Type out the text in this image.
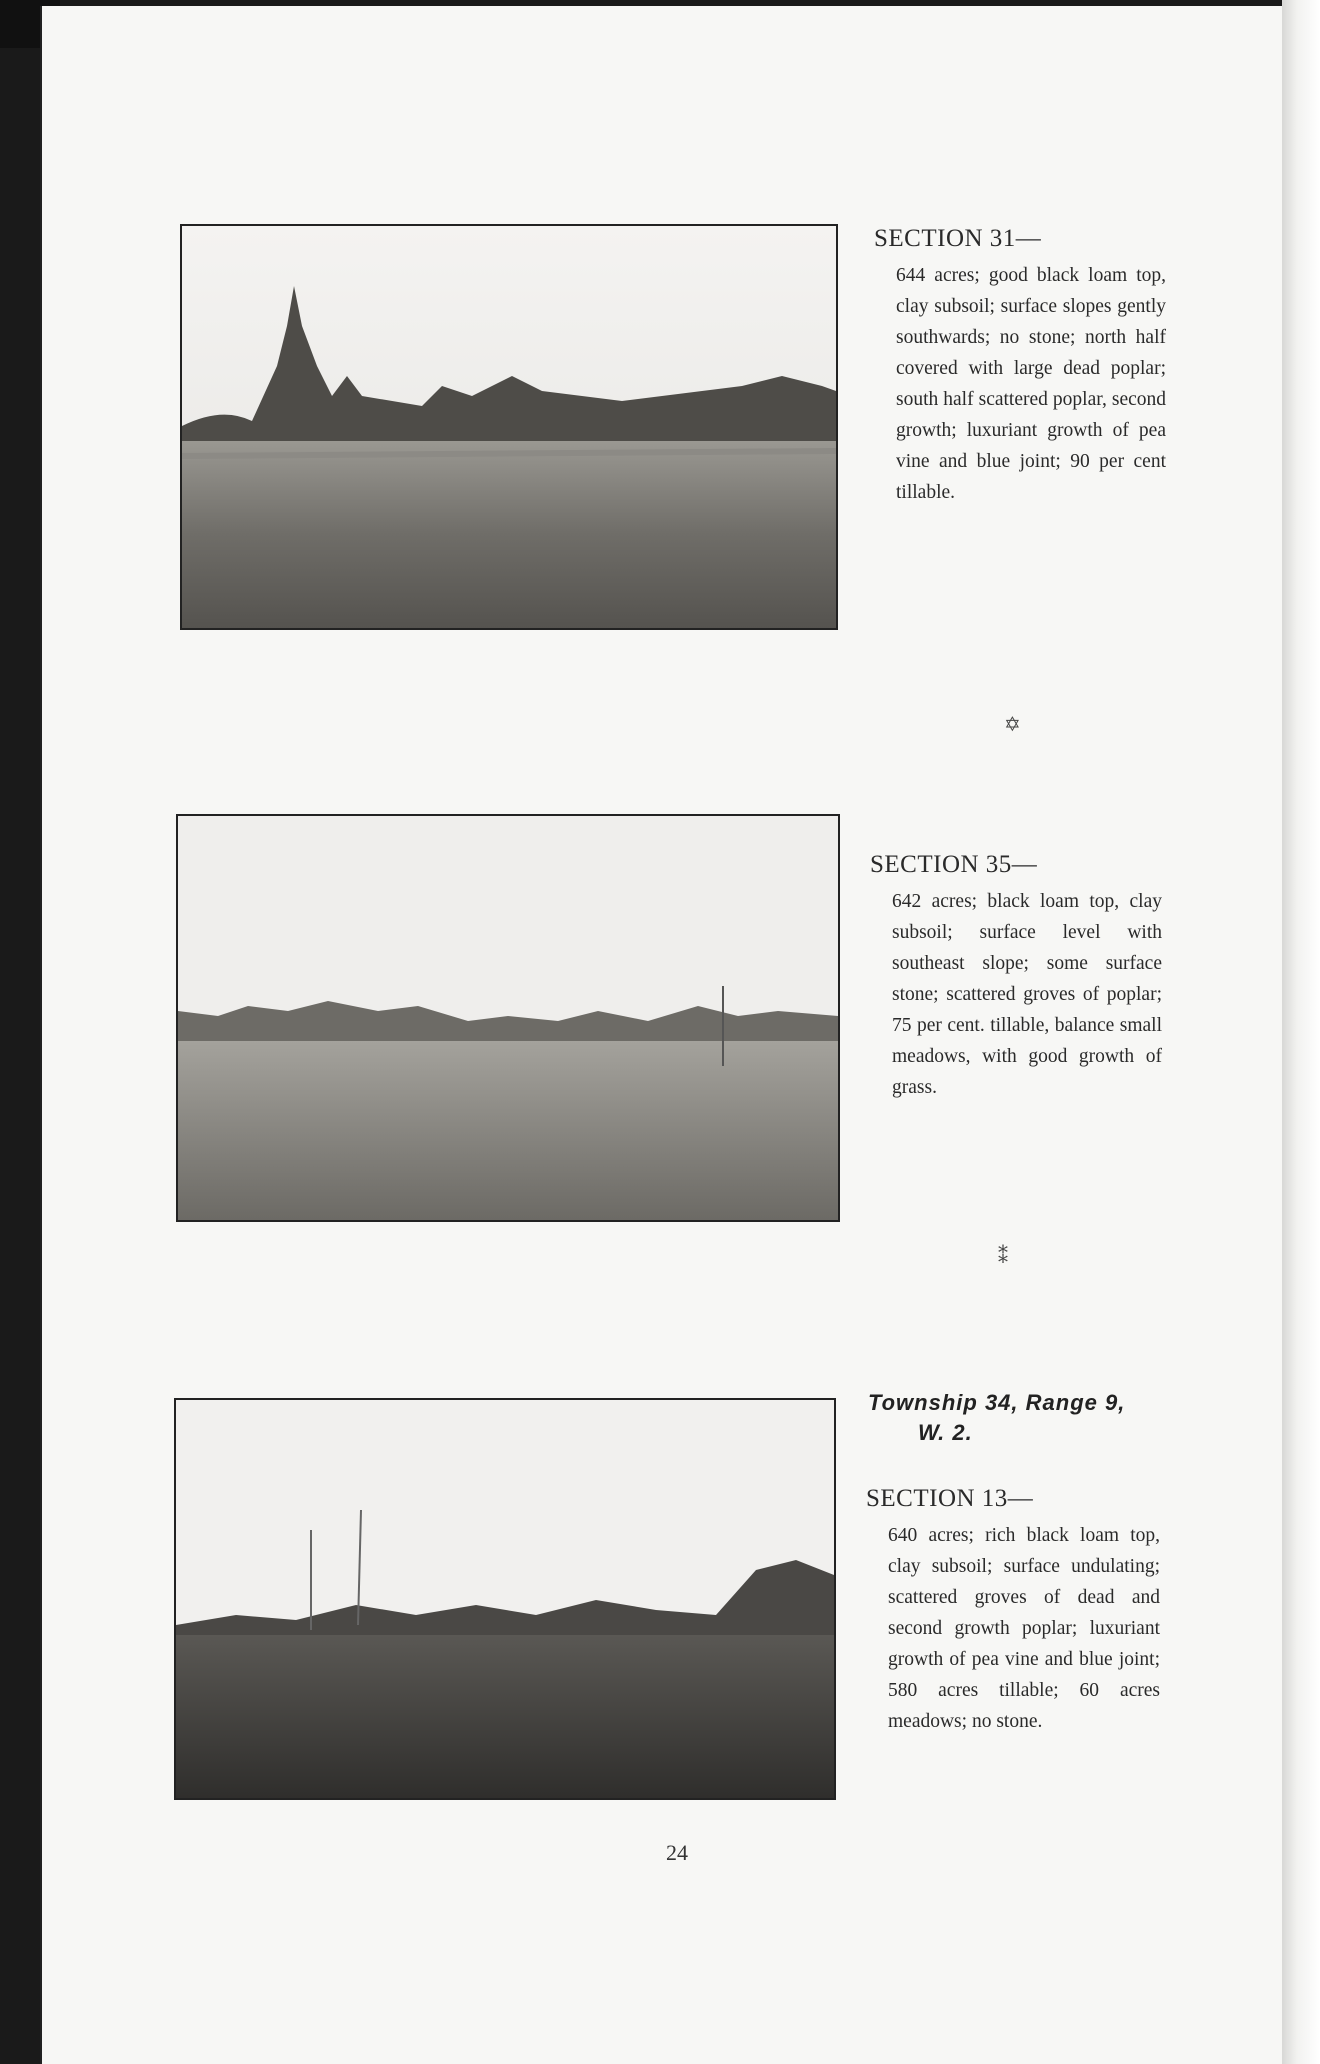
SECTION 31—
644 acres; good black loam top, clay subsoil; surface slopes gently southwards; no stone; north half covered with large dead poplar; south half scattered poplar, second growth; luxuriant growth of pea vine and blue joint; 90 per cent tillable.
✡
SECTION 35—
642 acres; black loam top, clay subsoil; surface level with southeast slope; some surface stone; scattered groves of poplar; 75 per cent. tillable, balance small meadows, with good growth of grass.
⁑
Township 34, Range 9,
W. 2.
SECTION 13—
640 acres; rich black loam top, clay subsoil; surface undulating; scattered groves of dead and second growth poplar; luxuriant growth of pea vine and blue joint; 580 acres tillable; 60 acres meadows; no stone.
24
